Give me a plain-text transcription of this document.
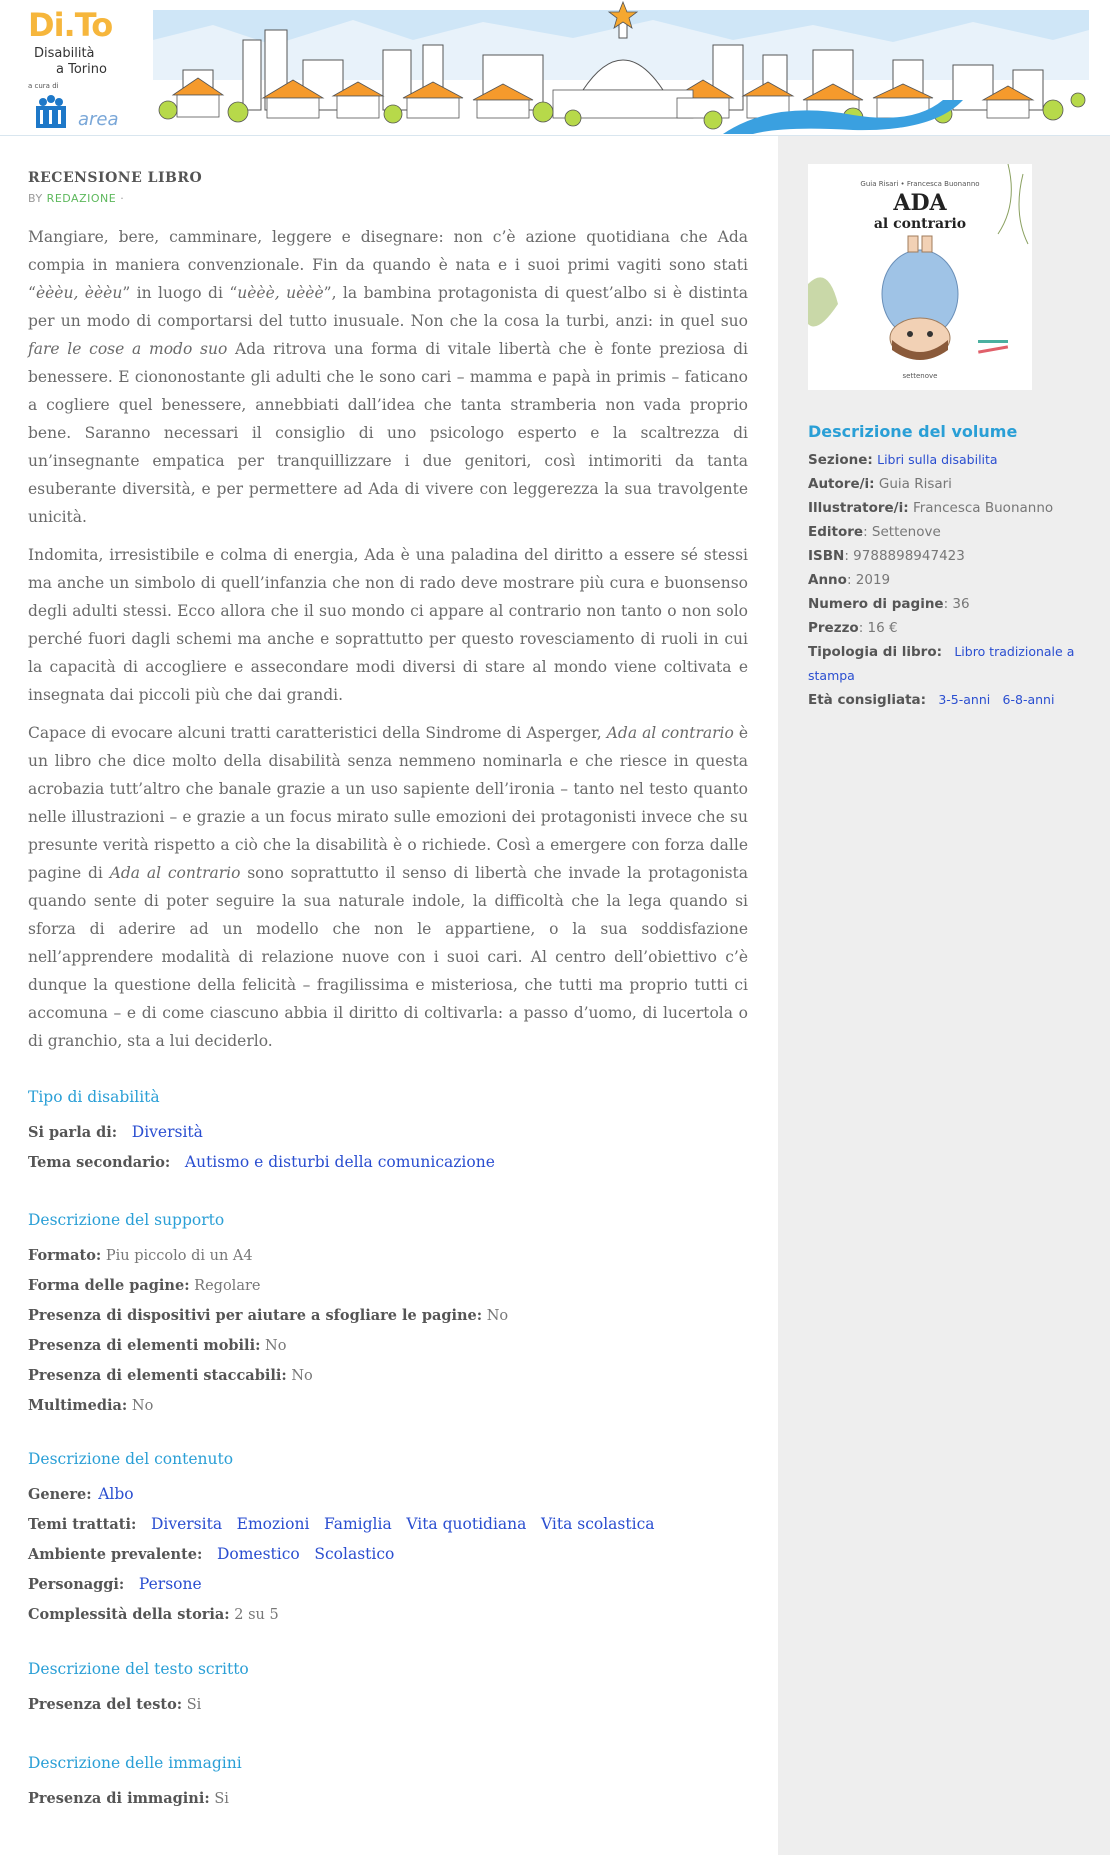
Di.To
Disabilità
a Torino
a cura di
area
Guia Risari • Francesca Buonanno
ADA
al contrario
settenove
Descrizione del volume
Sezione: Libri sulla disabilita
Autore/i: Guia Risari
Illustratore/i: Francesca Buonanno
Editore: Settenove
ISBN: 9788898947423
Anno: 2019
Numero di pagine: 36
Prezzo: 16 €
Tipologia di libro: Libro tradizionale a stampa
Età consigliata: 3-5-anni 6-8-anni
RECENSIONE LIBRO
BY REDAZIONE ·

Mangiare, bere, camminare, leggere e disegnare: non c’è azione quotidiana che Ada compia in maniera convenzionale. Fin da quando è nata e i suoi primi vagiti sono stati “èèèu, èèèu” in luogo di “uèèè, uèèè”, la bambina protagonista di quest’albo si è distinta per un modo di comportarsi del tutto inusuale. Non che la cosa la turbi, anzi: in quel suo fare le cose a modo suo Ada ritrova una forma di vitale libertà che è fonte preziosa di benessere. E ciononostante gli adulti che le sono cari – mamma e papà in primis – faticano a cogliere quel benessere, annebbiati dall’idea che tanta stramberia non vada proprio bene. Saranno necessari il consiglio di uno psicologo esperto e la scaltrezza di un’insegnante empatica per tranquillizzare i due genitori, così intimoriti da tanta esuberante diversità, e per permettere ad Ada di vivere con leggerezza la sua travolgente unicità.

Indomita, irresistibile e colma di energia, Ada è una paladina del diritto a essere sé stessi ma anche un simbolo di quell’infanzia che non di rado deve mostrare più cura e buonsenso degli adulti stessi. Ecco allora che il suo mondo ci appare al contrario non tanto o non solo perché fuori dagli schemi ma anche e soprattutto per questo rovesciamento di ruoli in cui la capacità di accogliere e assecondare modi diversi di stare al mondo viene coltivata e insegnata dai piccoli più che dai grandi.

Capace di evocare alcuni tratti caratteristici della Sindrome di Asperger, Ada al contrario è un libro che dice molto della disabilità senza nemmeno nominarla e che riesce in questa acrobazia tutt’altro che banale grazie a un uso sapiente dell’ironia – tanto nel testo quanto nelle illustrazioni – e grazie a un focus mirato sulle emozioni dei protagonisti invece che su presunte verità rispetto a ciò che la disabilità è o richiede. Così a emergere con forza dalle pagine di Ada al contrario sono soprattutto il senso di libertà che invade la protagonista quando sente di poter seguire la sua naturale indole, la difficoltà che la lega quando si sforza di aderire ad un modello che non le appartiene, o la sua soddisfazione nell’apprendere modalità di relazione nuove con i suoi cari. Al centro dell’obiettivo c’è dunque la questione della felicità – fragilissima e misteriosa, che tutti ma proprio tutti ci accomuna – e di come ciascuno abbia il diritto di coltivarla: a passo d’uomo, di lucertola o di granchio, sta a lui deciderlo.

Tipo di disabilità
Si parla di: Diversità
Tema secondario: Autismo e disturbi della comunicazione
Descrizione del supporto
Formato: Piu piccolo di un A4
Forma delle pagine: Regolare
Presenza di dispositivi per aiutare a sfogliare le pagine: No
Presenza di elementi mobili: No
Presenza di elementi staccabili: No
Multimedia: No
Descrizione del contenuto
Genere: Albo
Temi trattati: Diversita Emozioni Famiglia Vita quotidiana Vita scolastica
Ambiente prevalente: Domestico Scolastico
Personaggi: Persone
Complessità della storia: 2 su 5
Descrizione del testo scritto
Presenza del testo: Si
Descrizione delle immagini
Presenza di immagini: Si
